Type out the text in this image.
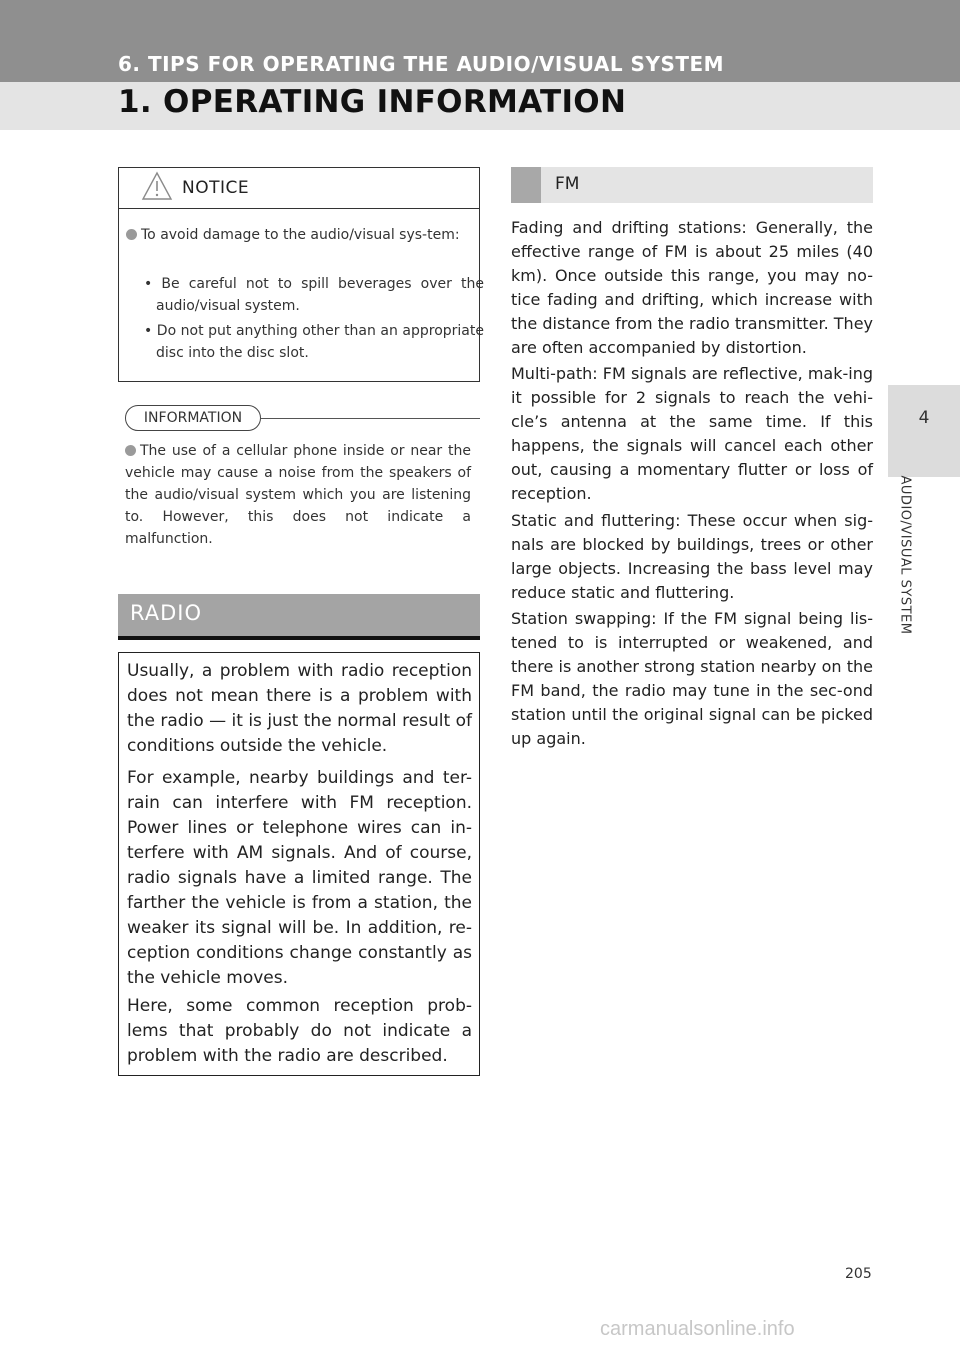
6. TIPS FOR OPERATING THE AUDIO/VISUAL SYSTEM
1. OPERATING INFORMATION
4
AUDIO/VISUAL SYSTEM
NOTICE
To avoid damage to the audio/visual sys-tem:
• Be careful not to spill beverages over the audio/visual system.
• Do not put anything other than an appropriate disc into the disc slot.
INFORMATION
The use of a cellular phone inside or near the vehicle may cause a noise from the speakers of the audio/visual system which you are listening to. However, this does not indicate a malfunction.
RADIO

Usually, a problem with radio reception does not mean there is a problem with the radio — it is just the normal result of conditions outside the vehicle.

For example, nearby buildings and ter-rain can interfere with FM reception. Power lines or telephone wires can in-terfere with AM signals. And of course, radio signals have a limited range. The farther the vehicle is from a station, the weaker its signal will be. In addition, re-ception conditions change constantly as the vehicle moves.

Here, some common reception prob-lems that probably do not indicate a problem with the radio are described.

FM

Fading and drifting stations: Generally, the effective range of FM is about 25 miles (40 km). Once outside this range, you may no-tice fading and drifting, which increase with the distance from the radio transmitter. They are often accompanied by distortion.

Multi-path: FM signals are reflective, mak-ing it possible for 2 signals to reach the vehi-cle’s antenna at the same time. If this happens, the signals will cancel each other out, causing a momentary flutter or loss of reception.

Static and fluttering: These occur when sig-nals are blocked by buildings, trees or other large objects. Increasing the bass level may reduce static and fluttering.

Station swapping: If the FM signal being lis-tened to is interrupted or weakened, and there is another strong station nearby on the FM band, the radio may tune in the sec-ond station until the original signal can be picked up again.

205
carmanualsonline.info
